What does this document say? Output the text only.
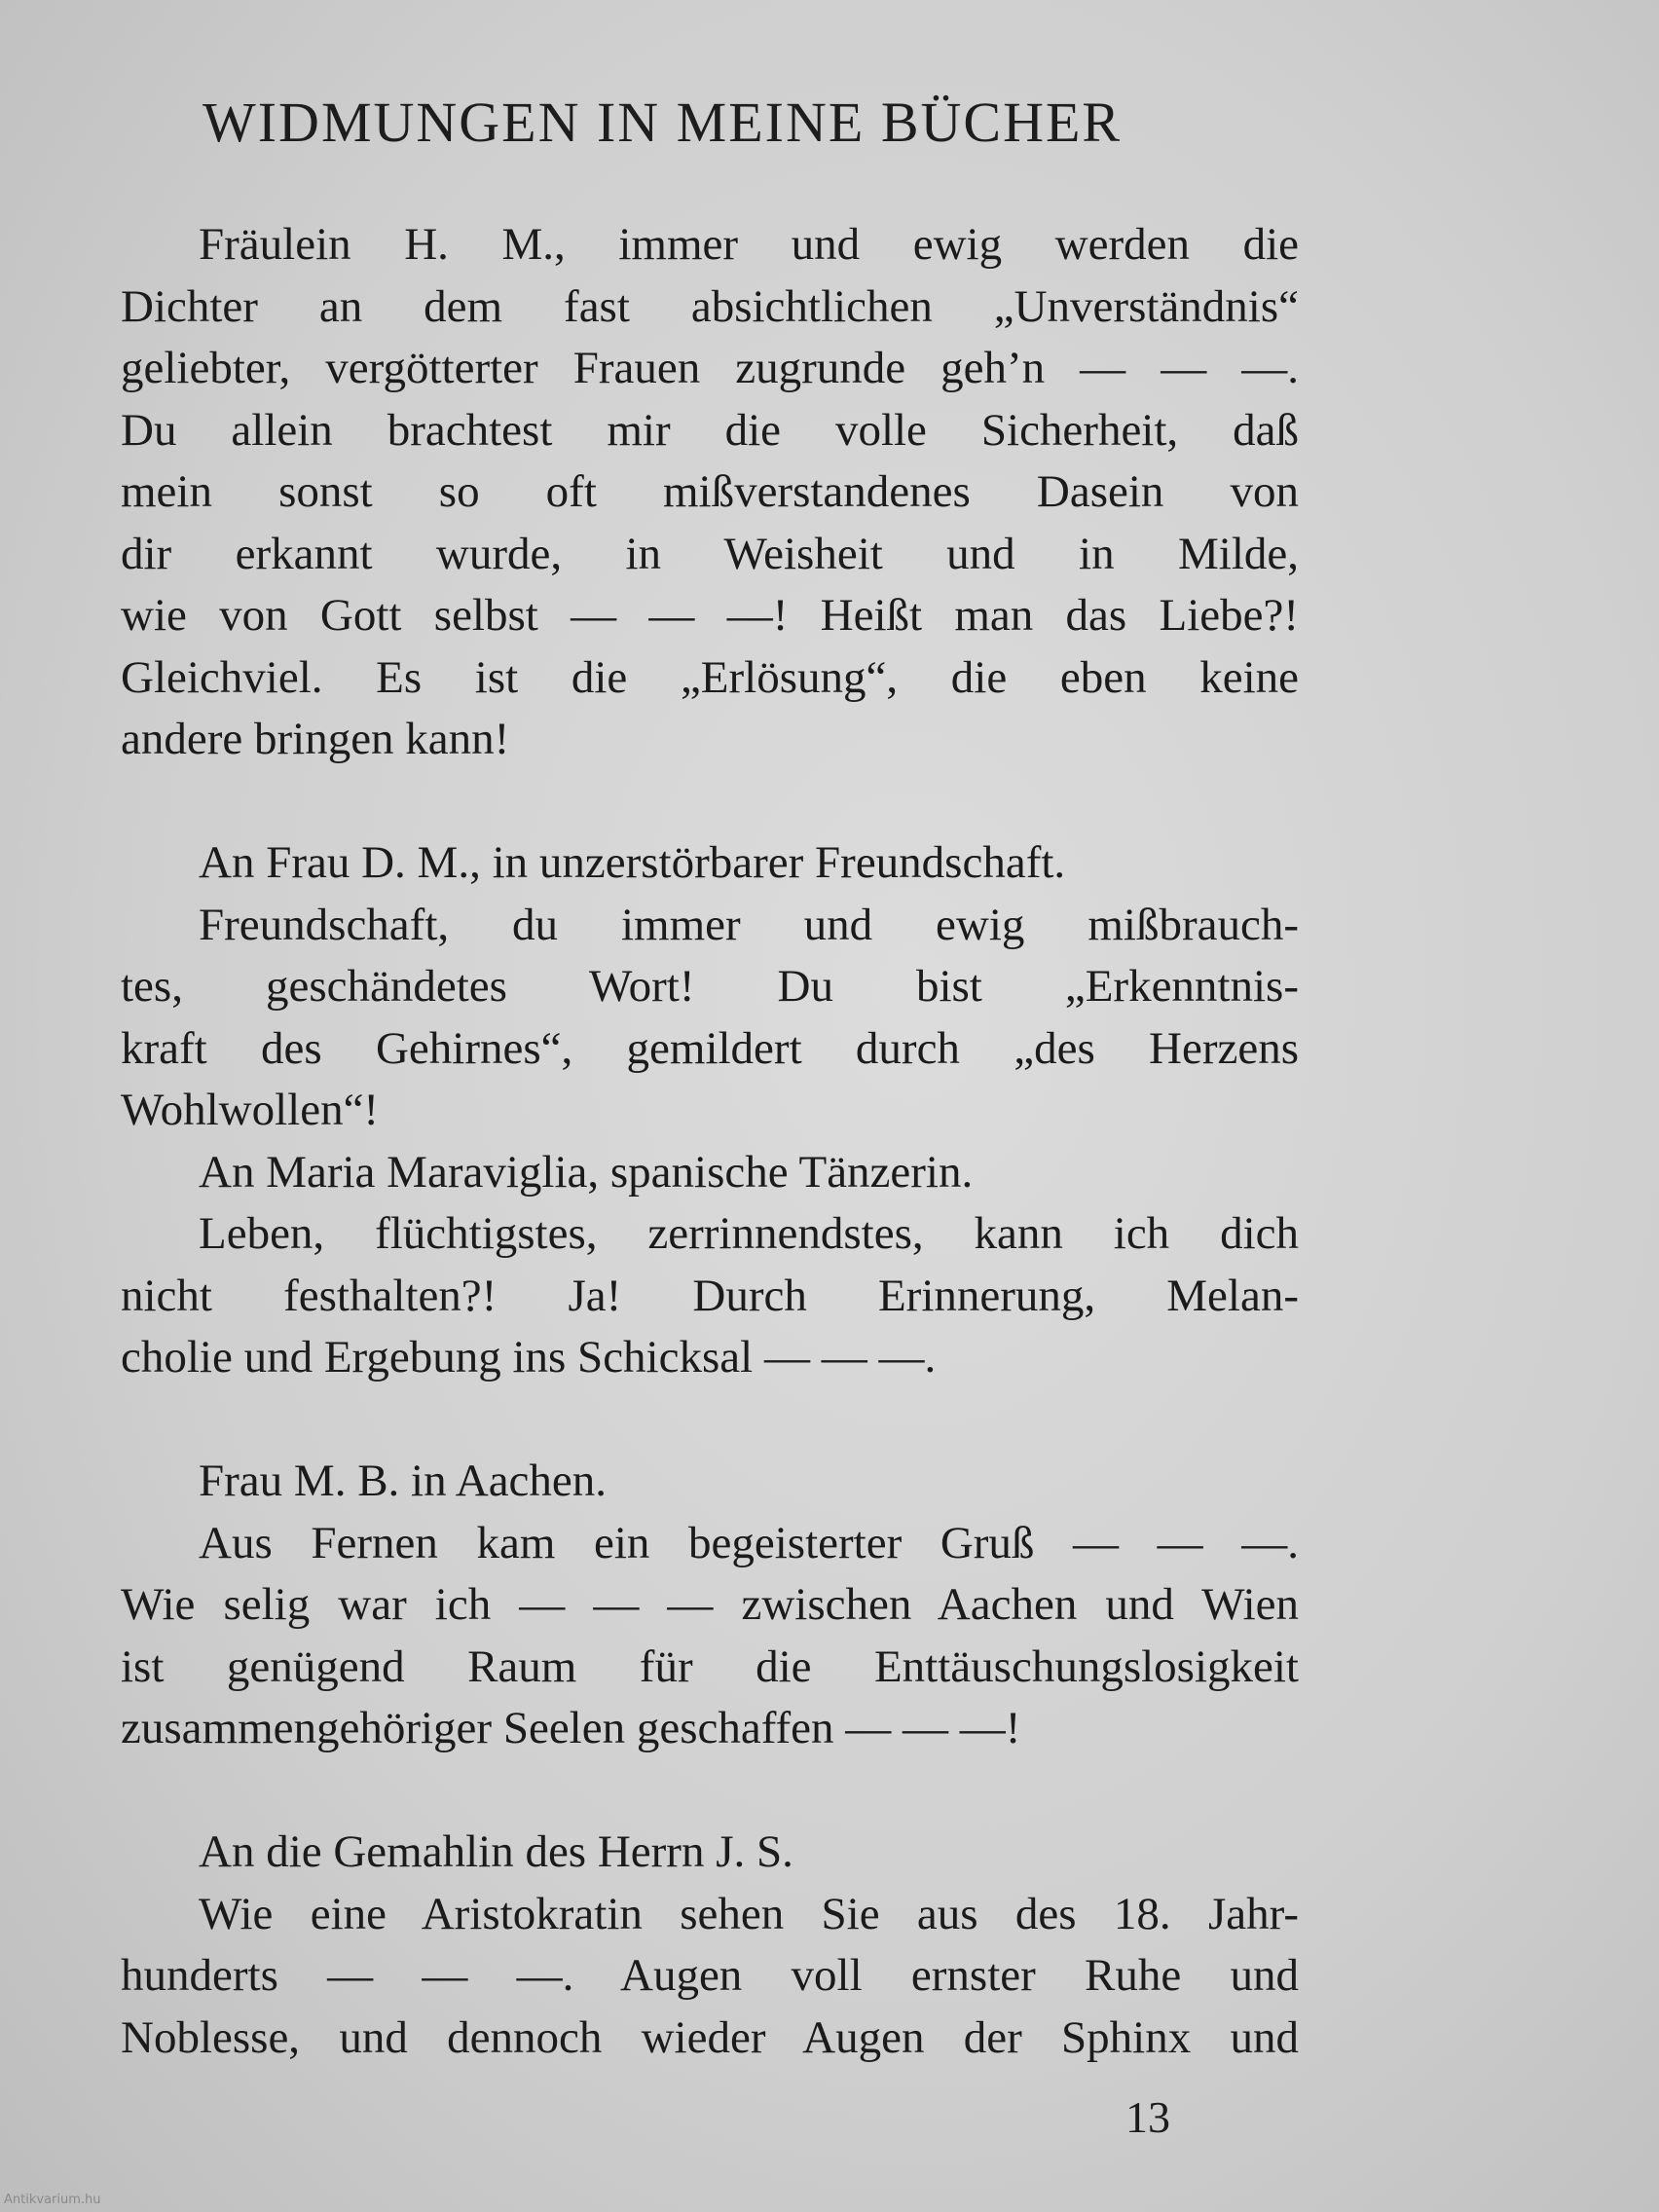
WIDMUNGEN IN MEINE BÜCHER
Fräulein H. M., immer und ewig werden die
Dichter an dem fast absichtlichen „Unverständnis“
geliebter, vergötterter Frauen zugrunde geh’n — — —.
Du allein brachtest mir die volle Sicherheit, daß
mein sonst so oft mißverstandenes Dasein von
dir erkannt wurde, in Weisheit und in Milde,
wie von Gott selbst — — —! Heißt man das Liebe?!
Gleichviel. Es ist die „Erlösung“, die eben keine
andere bringen kann!
An Frau D. M., in unzerstörbarer Freundschaft.
Freundschaft, du immer und ewig mißbrauch-
tes, geschändetes Wort! Du bist „Erkenntnis-
kraft des Gehirnes“, gemildert durch „des Herzens
Wohlwollen“!
An Maria Maraviglia, spanische Tänzerin.
Leben, flüchtigstes, zerrinnendstes, kann ich dich
nicht festhalten?! Ja! Durch Erinnerung, Melan-
cholie und Ergebung ins Schicksal — — —.
Frau M. B. in Aachen.
Aus Fernen kam ein begeisterter Gruß — — —.
Wie selig war ich — — — zwischen Aachen und Wien
ist genügend Raum für die Enttäuschungslosigkeit
zusammengehöriger Seelen geschaffen — — —!
An die Gemahlin des Herrn J. S.
Wie eine Aristokratin sehen Sie aus des 18. Jahr-
hunderts — — —. Augen voll ernster Ruhe und
Noblesse, und dennoch wieder Augen der Sphinx und
13
Antikvarium.hu
